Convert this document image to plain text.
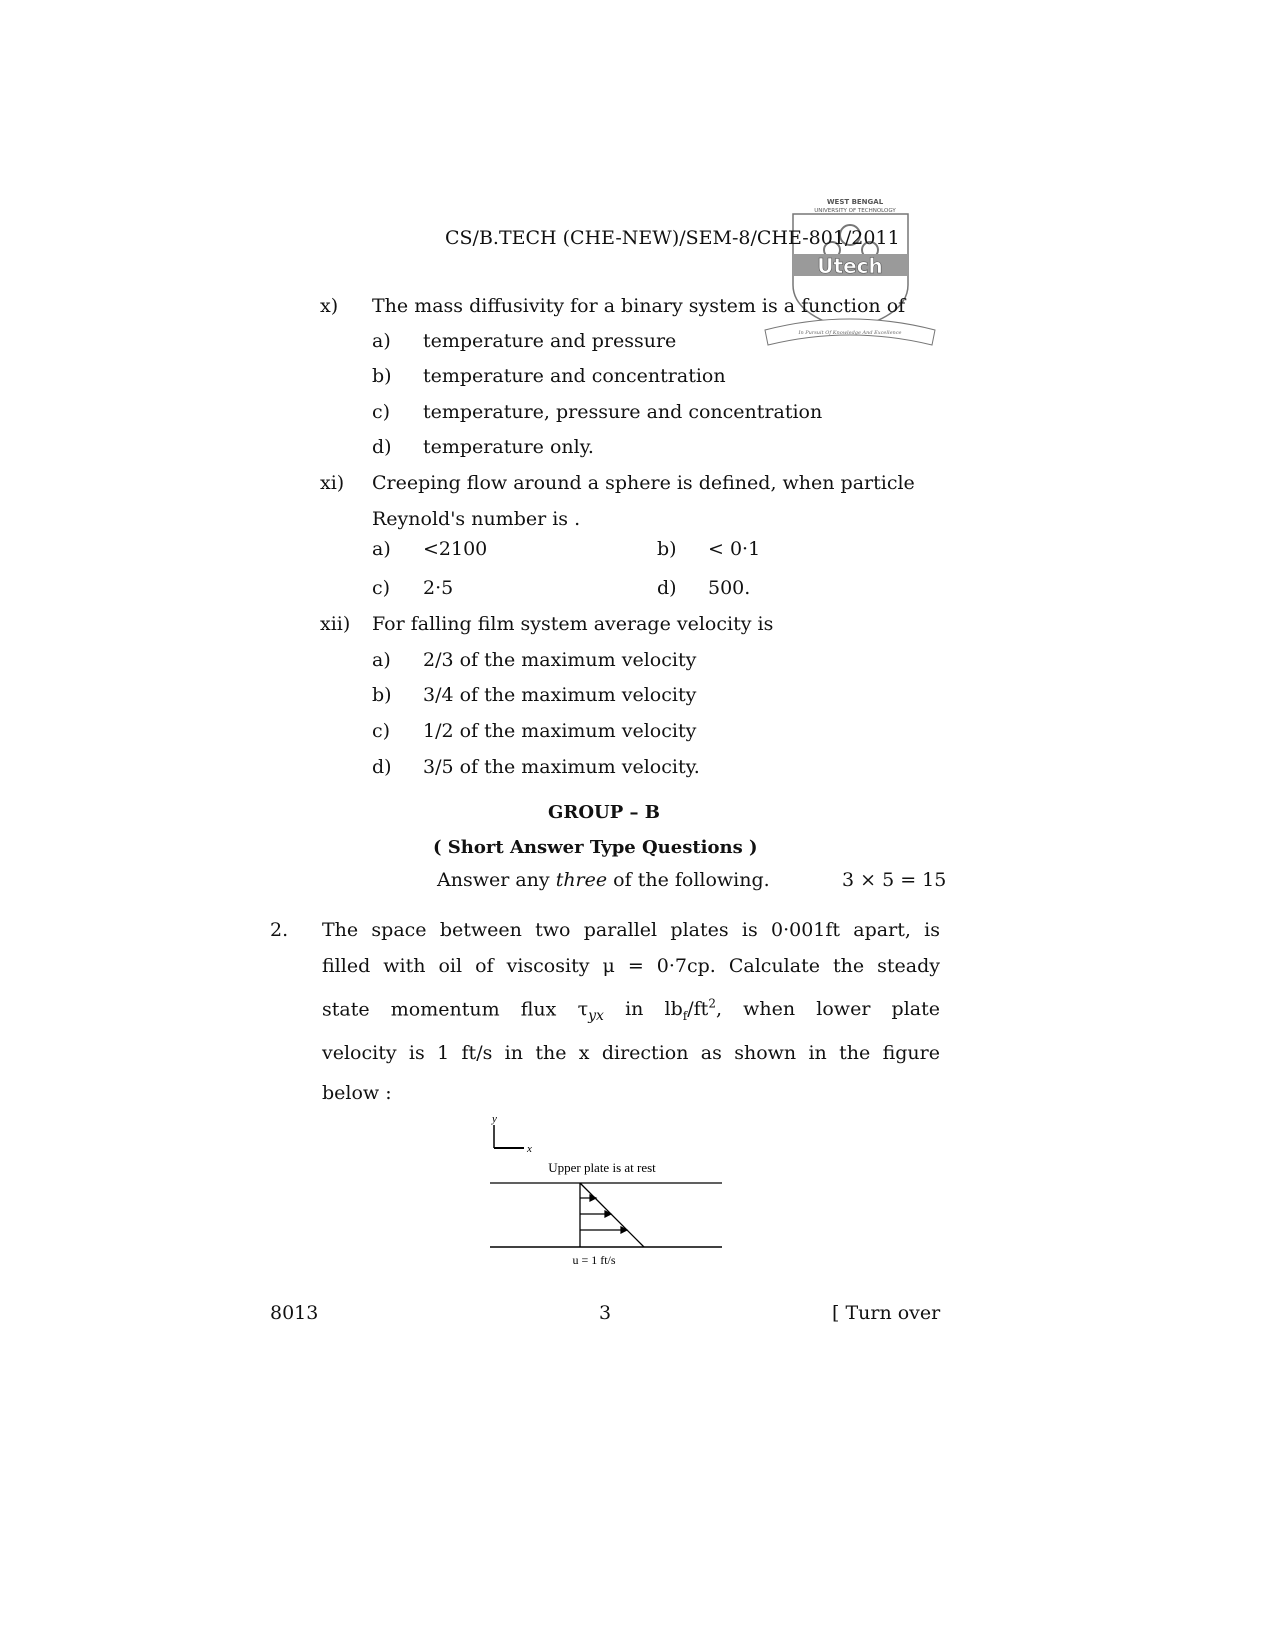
CS/B.TECH (CHE-NEW)/SEM-8/CHE-801/2011
WEST BENGAL
UNIVERSITY OF TECHNOLOGY
Utech
In Pursuit Of Knowledge And Excellence
x) The mass diffusivity for a binary system is a function of
a) temperature and pressure
b) temperature and concentration
c) temperature, pressure and concentration
d) temperature only.
xi) Creeping flow around a sphere is defined, when particle
Reynold's number is .
a) <2100	b) < 0·1
c) 2·5	d) 500.
xii) For falling film system average velocity is
a) 2/3 of the maximum velocity
b) 3/4 of the maximum velocity
c) 1/2 of the maximum velocity
d) 3/5 of the maximum velocity.
GROUP – B
( Short Answer Type Questions )
Answer any three of the following.	3 × 5 = 15
2. The space between two parallel plates is 0·001ft apart, is
filled with oil of viscosity μ = 0·7cp. Calculate the steady
state momentum flux $\tau_{yx}$ in $lb_f/ft^2$, when lower plate
velocity is 1 ft/s in the x direction as shown in the figure
below :
y
x
Upper plate is at rest
u = 1 ft/s
8013	3	[ Turn over
